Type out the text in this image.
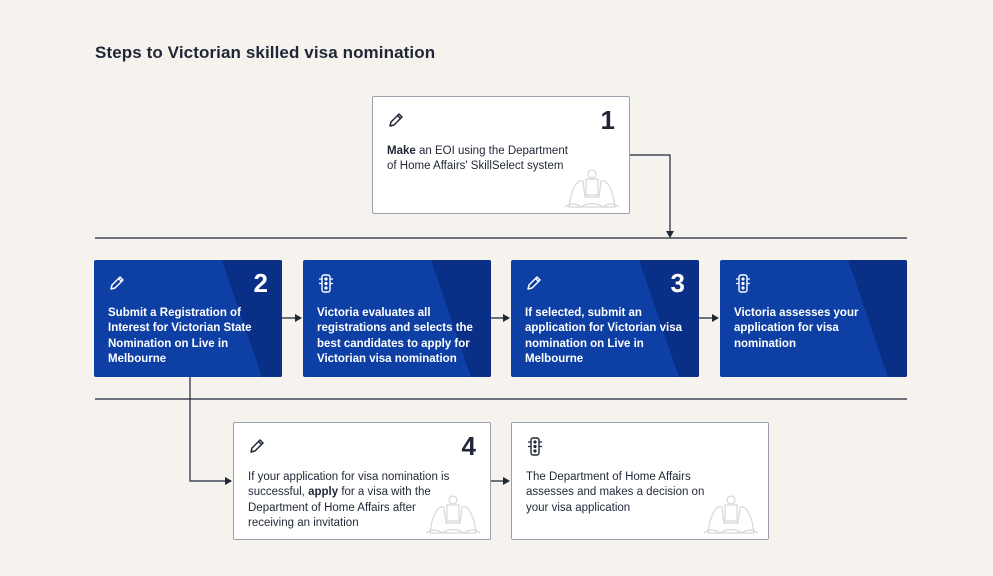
Steps to Victorian skilled visa nomination
1
Make an EOI using the Department of Home Affairs' SkillSelect system
2
Submit a Registration of Interest for Victorian State Nomination on Live in Melbourne
Victoria evaluates all registrations and selects the best candidates to apply for Victorian visa nomination
3
If selected, submit an application for Victorian visa nomination on Live in Melbourne
Victoria assesses your application for visa nomination
4
If your application for visa nomination is successful, apply for a visa with the Department of Home Affairs after receiving an invitation
The Department of Home Affairs assesses and makes a decision on your visa application
